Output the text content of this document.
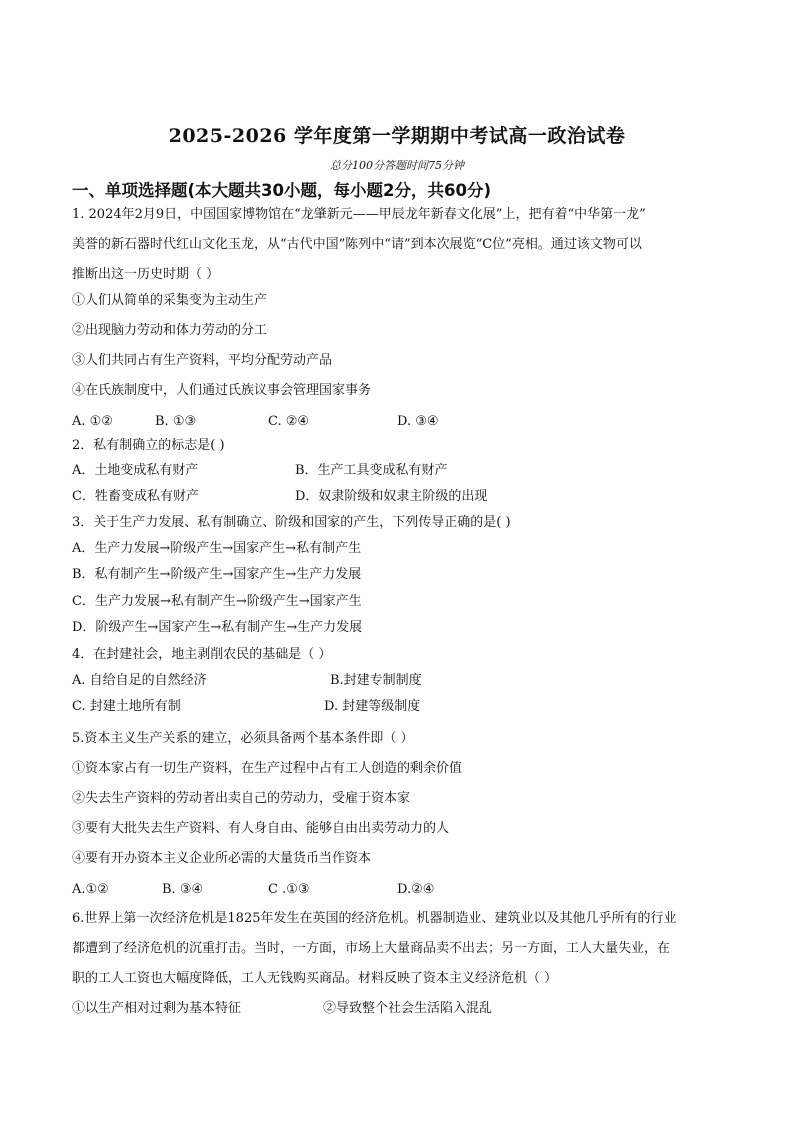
2025-2026 学年度第一学期期中考试高一政治试卷
总分100分答题时间75分钟
一、单项选择题(本大题共30小题，每小题2分，共60分)
1. 2024年2月9日，中国国家博物馆在“龙肇新元——甲辰龙年新春文化展”上，把有着“中华第一龙”
美誉的新石器时代红山文化玉龙，从“古代中国”陈列中“请”到本次展览“C位”亮相。通过该文物可以
推断出这一历史时期（ ）
①人们从简单的采集变为主动生产
②出现脑力劳动和体力劳动的分工
③人们共同占有生产资料，平均分配劳动产品
④在氏族制度中，人们通过氏族议事会管理国家事务
A. ①②	B. ①③	C. ②④	D. ③④
2．私有制确立的标志是( )
A．土地变成私有财产	B．生产工具变成私有财产
C．牲畜变成私有财产	D．奴隶阶级和奴隶主阶级的出现
3．关于生产力发展、私有制确立、阶级和国家的产生，下列传导正确的是( )
A．生产力发展→阶级产生→国家产生→私有制产生
B．私有制产生→阶级产生→国家产生→生产力发展
C．生产力发展→私有制产生→阶级产生→国家产生
D．阶级产生→国家产生→私有制产生→生产力发展
4．在封建社会，地主剥削农民的基础是（ ）
A. 自给自足的自然经济	B.封建专制制度
C. 封建土地所有制	D. 封建等级制度
5.资本主义生产关系的建立，必须具备两个基本条件即（ ）
①资本家占有一切生产资料，在生产过程中占有工人创造的剩余价值
②失去生产资料的劳动者出卖自己的劳动力，受雇于资本家
③要有大批失去生产资料、有人身自由、能够自由出卖劳动力的人
④要有开办资本主义企业所必需的大量货币当作资本
A.①②	B. ③④	C .①③	D.②④
6.世界上第一次经济危机是1825年发生在英国的经济危机。机器制造业、建筑业以及其他几乎所有的行业
都遭到了经济危机的沉重打击。当时，一方面，市场上大量商品卖不出去；另一方面，工人大量失业，在
职的工人工资也大幅度降低，工人无钱购买商品。材料反映了资本主义经济危机（ ）
①以生产相对过剩为基本特征	②导致整个社会生活陷入混乱
